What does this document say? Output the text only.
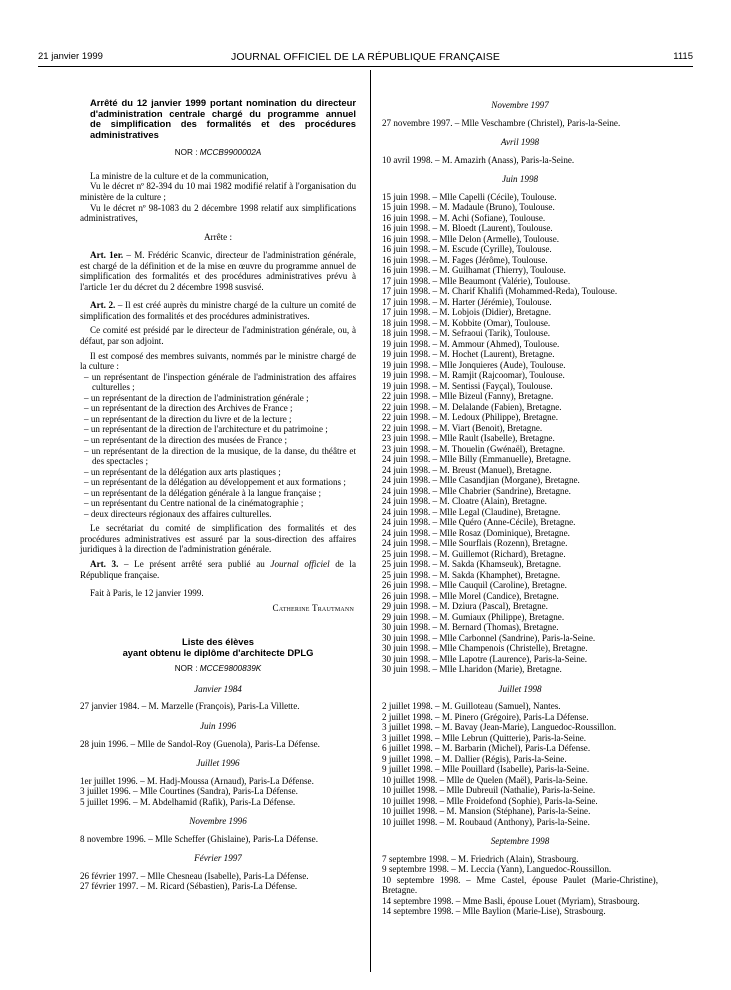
21 janvier 1999	JOURNAL OFFICIEL DE LA RÉPUBLIQUE FRANÇAISE	1115
Arrêté du 12 janvier 1999 portant nomination du directeur
d'administration centrale chargé du programme annuel
de simplification des formalités et des procédures
administratives
NOR : MCCB9900002A

La ministre de la culture et de la communication,

Vu le décret nº 82-394 du 10 mai 1982 modifié relatif à l'organisation du ministère de la culture ;

Vu le décret nº 98-1083 du 2 décembre 1998 relatif aux simplifications administratives,

Arrête :

Art. 1er. – M. Frédéric Scanvic, directeur de l'administration générale, est chargé de la définition et de la mise en œuvre du programme annuel de simplification des formalités et des procédures administratives prévu à l'article 1er du décret du 2 décembre 1998 susvisé.

Art. 2. – Il est créé auprès du ministre chargé de la culture un comité de simplification des formalités et des procédures administratives.

Ce comité est présidé par le directeur de l'administration générale, ou, à défaut, par son adjoint.

Il est composé des membres suivants, nommés par le ministre chargé de la culture :

– un représentant de l'inspection générale de l'administration des affaires culturelles ;
– un représentant de la direction de l'administration générale ;
– un représentant de la direction des Archives de France ;
– un représentant de la direction du livre et de la lecture ;
– un représentant de la direction de l'architecture et du patrimoine ;
– un représentant de la direction des musées de France ;
– un représentant de la direction de la musique, de la danse, du théâtre et des spectacles ;
– un représentant de la délégation aux arts plastiques ;
– un représentant de la délégation au développement et aux formations ;
– un représentant de la délégation générale à la langue française ;
– un représentant du Centre national de la cinématographie ;
– deux directeurs régionaux des affaires culturelles.

Le secrétariat du comité de simplification des formalités et des procédures administratives est assuré par la sous-direction des affaires juridiques à la direction de l'administration générale.

Art. 3. – Le présent arrêté sera publié au Journal officiel de la République française.

Fait à Paris, le 12 janvier 1999.

Catherine Trautmann
Liste des élèves
ayant obtenu le diplôme d'architecte DPLG
NOR : MCCE9800839K
Janvier 1984
27 janvier 1984. – M. Marzelle (François), Paris-La Villette.
Juin 1996
28 juin 1996. – Mlle de Sandol-Roy (Guenola), Paris-La Défense.
Juillet 1996
1er juillet 1996. – M. Hadj-Moussa (Arnaud), Paris-La Défense.
3 juillet 1996. – Mlle Courtines (Sandra), Paris-La Défense.
5 juillet 1996. – M. Abdelhamid (Rafik), Paris-La Défense.
Novembre 1996
8 novembre 1996. – Mlle Scheffer (Ghislaine), Paris-La Défense.
Février 1997
26 février 1997. – Mlle Chesneau (Isabelle), Paris-La Défense.
27 février 1997. – M. Ricard (Sébastien), Paris-La Défense.
Novembre 1997
27 novembre 1997. – Mlle Veschambre (Christel), Paris-la-Seine.
Avril 1998
10 avril 1998. – M. Amazirh (Anass), Paris-la-Seine.
Juin 1998
15 juin 1998. – Mlle Capelli (Cécile), Toulouse.
15 juin 1998. – M. Madaule (Bruno), Toulouse.
16 juin 1998. – M. Achi (Sofiane), Toulouse.
16 juin 1998. – M. Bloedt (Laurent), Toulouse.
16 juin 1998. – Mlle Delon (Armelle), Toulouse.
16 juin 1998. – M. Escude (Cyrille), Toulouse.
16 juin 1998. – M. Fages (Jérôme), Toulouse.
16 juin 1998. – M. Guilhamat (Thierry), Toulouse.
17 juin 1998. – Mlle Beaumont (Valérie), Toulouse.
17 juin 1998. – M. Charif Khalifi (Mohammed-Reda), Toulouse.
17 juin 1998. – M. Harter (Jérémie), Toulouse.
17 juin 1998. – M. Lobjois (Didier), Bretagne.
18 juin 1998. – M. Kobbite (Omar), Toulouse.
18 juin 1998. – M. Sefraoui (Tarik), Toulouse.
19 juin 1998. – M. Ammour (Ahmed), Toulouse.
19 juin 1998. – M. Hochet (Laurent), Bretagne.
19 juin 1998. – Mlle Jonquieres (Aude), Toulouse.
19 juin 1998. – M. Ramjit (Rajcoomar), Toulouse.
19 juin 1998. – M. Sentissi (Fayçal), Toulouse.
22 juin 1998. – Mlle Bizeul (Fanny), Bretagne.
22 juin 1998. – M. Delalande (Fabien), Bretagne.
22 juin 1998. – M. Ledoux (Philippe), Bretagne.
22 juin 1998. – M. Viart (Benoit), Bretagne.
23 juin 1998. – Mlle Rault (Isabelle), Bretagne.
23 juin 1998. – M. Thouelin (Gwénaël), Bretagne.
24 juin 1998. – Mlle Billy (Emmanuelle), Bretagne.
24 juin 1998. – M. Breust (Manuel), Bretagne.
24 juin 1998. – Mlle Casandjian (Morgane), Bretagne.
24 juin 1998. – Mlle Chabrier (Sandrine), Bretagne.
24 juin 1998. – M. Cloatre (Alain), Bretagne.
24 juin 1998. – Mlle Legal (Claudine), Bretagne.
24 juin 1998. – Mlle Quéro (Anne-Cécile), Bretagne.
24 juin 1998. – Mlle Rosaz (Dominique), Bretagne.
24 juin 1998. – Mlle Sourflais (Rozenn), Bretagne.
25 juin 1998. – M. Guillemot (Richard), Bretagne.
25 juin 1998. – M. Sakda (Khamseuk), Bretagne.
25 juin 1998. – M. Sakda (Khamphet), Bretagne.
26 juin 1998. – Mlle Cauquil (Caroline), Bretagne.
26 juin 1998. – Mlle Morel (Candice), Bretagne.
29 juin 1998. – M. Dziura (Pascal), Bretagne.
29 juin 1998. – M. Gumiaux (Philippe), Bretagne.
30 juin 1998. – M. Bernard (Thomas), Bretagne.
30 juin 1998. – Mlle Carbonnel (Sandrine), Paris-la-Seine.
30 juin 1998. – Mlle Champenois (Christelle), Bretagne.
30 juin 1998. – Mlle Lapotre (Laurence), Paris-la-Seine.
30 juin 1998. – Mlle Lharidon (Marie), Bretagne.
Juillet 1998
2 juillet 1998. – M. Guilloteau (Samuel), Nantes.
2 juillet 1998. – M. Pinero (Grégoire), Paris-La Défense.
3 juillet 1998. – M. Bavay (Jean-Marie), Languedoc-Roussillon.
3 juillet 1998. – Mlle Lebrun (Quitterie), Paris-la-Seine.
6 juillet 1998. – M. Barbarin (Michel), Paris-La Défense.
9 juillet 1998. – M. Dallier (Régis), Paris-la-Seine.
9 juillet 1998. – Mlle Pouillard (Isabelle), Paris-la-Seine.
10 juillet 1998. – Mlle de Quelen (Maël), Paris-la-Seine.
10 juillet 1998. – Mlle Dubreuil (Nathalie), Paris-la-Seine.
10 juillet 1998. – Mlle Froidefond (Sophie), Paris-la-Seine.
10 juillet 1998. – M. Mansion (Stéphane), Paris-la-Seine.
10 juillet 1998. – M. Roubaud (Anthony), Paris-la-Seine.
Septembre 1998
7 septembre 1998. – M. Friedrich (Alain), Strasbourg.
9 septembre 1998. – M. Leccia (Yann), Languedoc-Roussillon.
10 septembre 1998. – Mme Castel, épouse Paulet (Marie-Christine), Bretagne.
14 septembre 1998. – Mme Basli, épouse Louet (Myriam), Strasbourg.
14 septembre 1998. – Mlle Baylion (Marie-Lise), Strasbourg.
